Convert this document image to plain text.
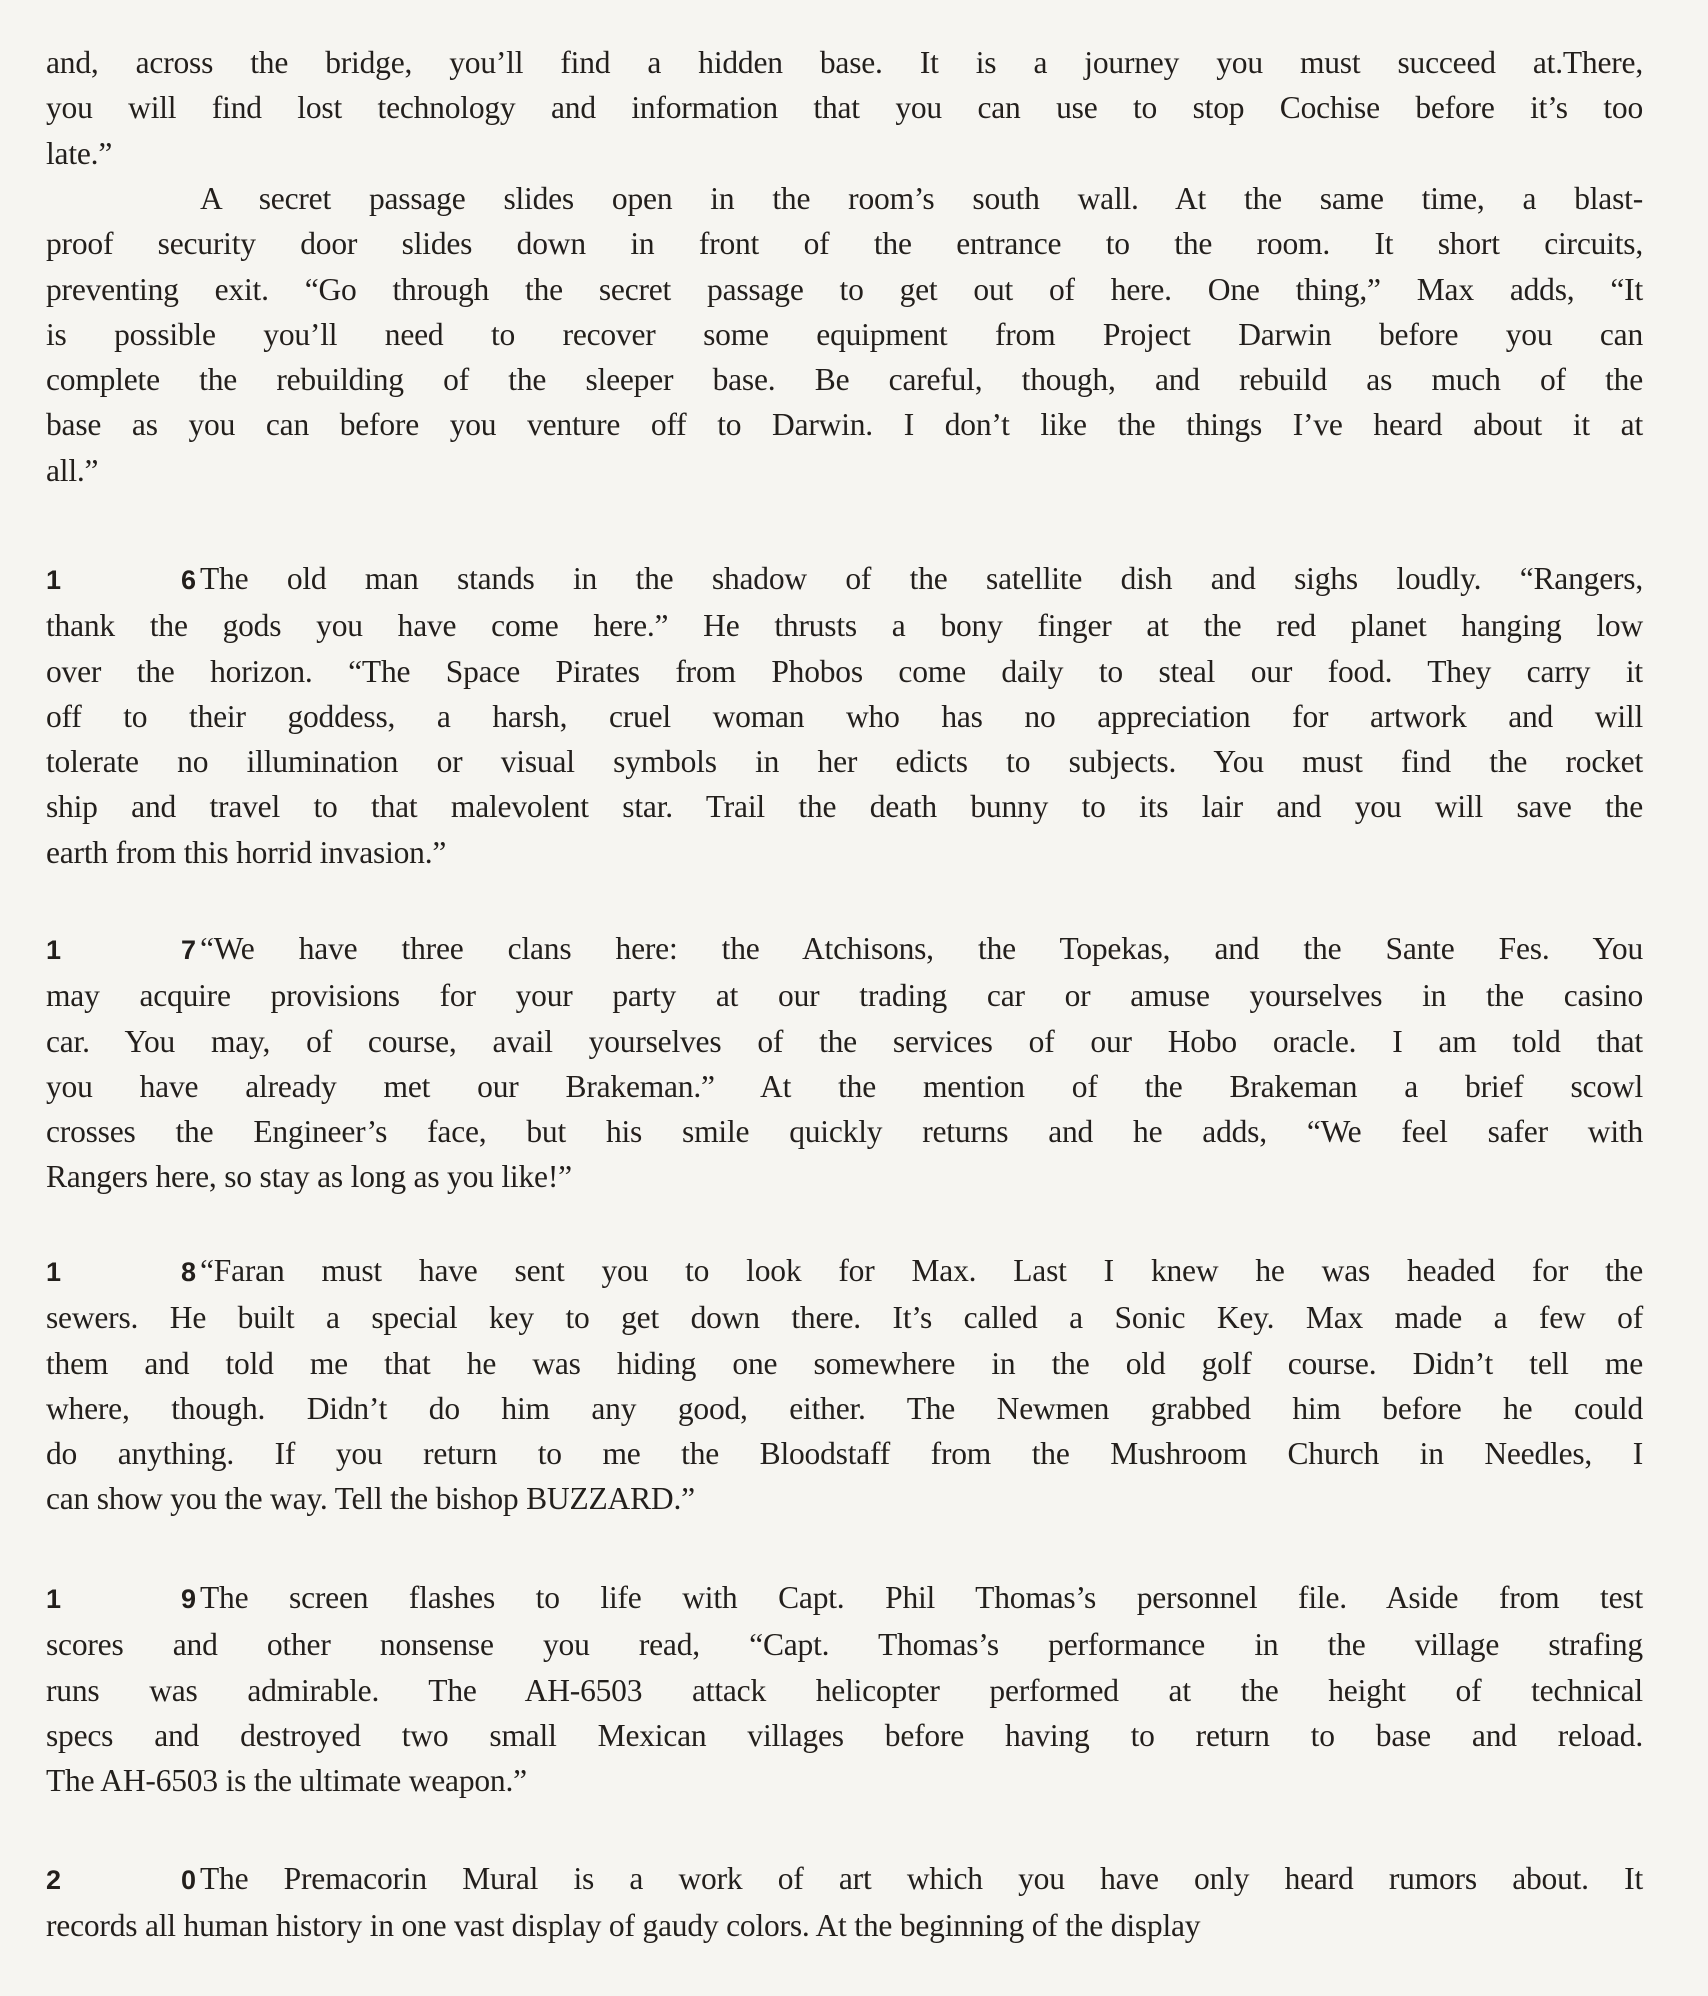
and, across the bridge, you’ll find a hidden base. It is a journey you must succeed at.There,
you will find lost technology and information that you can use to stop Cochise before it’s too
late.”
A secret passage slides open in the room’s south wall. At the same time, a blast-
proof security door slides down in front of the entrance to the room. It short circuits,
preventing exit. “Go through the secret passage to get out of here. One thing,” Max adds, “It
is possible you’ll need to recover some equipment from Project Darwin before you can
complete the rebuilding of the sleeper base. Be careful, though, and rebuild as much of the
base as you can before you venture off to Darwin. I don’t like the things I’ve heard about it at
all.”
1 6The old man stands in the shadow of the satellite dish and sighs loudly. “Rangers,
thank the gods you have come here.” He thrusts a bony finger at the red planet hanging low
over the horizon. “The Space Pirates from Phobos come daily to steal our food. They carry it
off to their goddess, a harsh, cruel woman who has no appreciation for artwork and will
tolerate no illumination or visual symbols in her edicts to subjects. You must find the rocket
ship and travel to that malevolent star. Trail the death bunny to its lair and you will save the
earth from this horrid invasion.”
1 7“We have three clans here: the Atchisons, the Topekas, and the Sante Fes. You
may acquire provisions for your party at our trading car or amuse yourselves in the casino
car. You may, of course, avail yourselves of the services of our Hobo oracle. I am told that
you have already met our Brakeman.” At the mention of the Brakeman a brief scowl
crosses the Engineer’s face, but his smile quickly returns and he adds, “We feel safer with
Rangers here, so stay as long as you like!”
1 8“Faran must have sent you to look for Max. Last I knew he was headed for the
sewers. He built a special key to get down there. It’s called a Sonic Key. Max made a few of
them and told me that he was hiding one somewhere in the old golf course. Didn’t tell me
where, though. Didn’t do him any good, either. The Newmen grabbed him before he could
do anything. If you return to me the Bloodstaff from the Mushroom Church in Needles, I
can show you the way. Tell the bishop BUZZARD.”
1 9The screen flashes to life with Capt. Phil Thomas’s personnel file. Aside from test
scores and other nonsense you read, “Capt. Thomas’s performance in the village strafing
runs was admirable. The AH-6503 attack helicopter performed at the height of technical
specs and destroyed two small Mexican villages before having to return to base and reload.
The AH-6503 is the ultimate weapon.”
2 0The Premacorin Mural is a work of art which you have only heard rumors about. It
records all human history in one vast display of gaudy colors. At the beginning of the display
